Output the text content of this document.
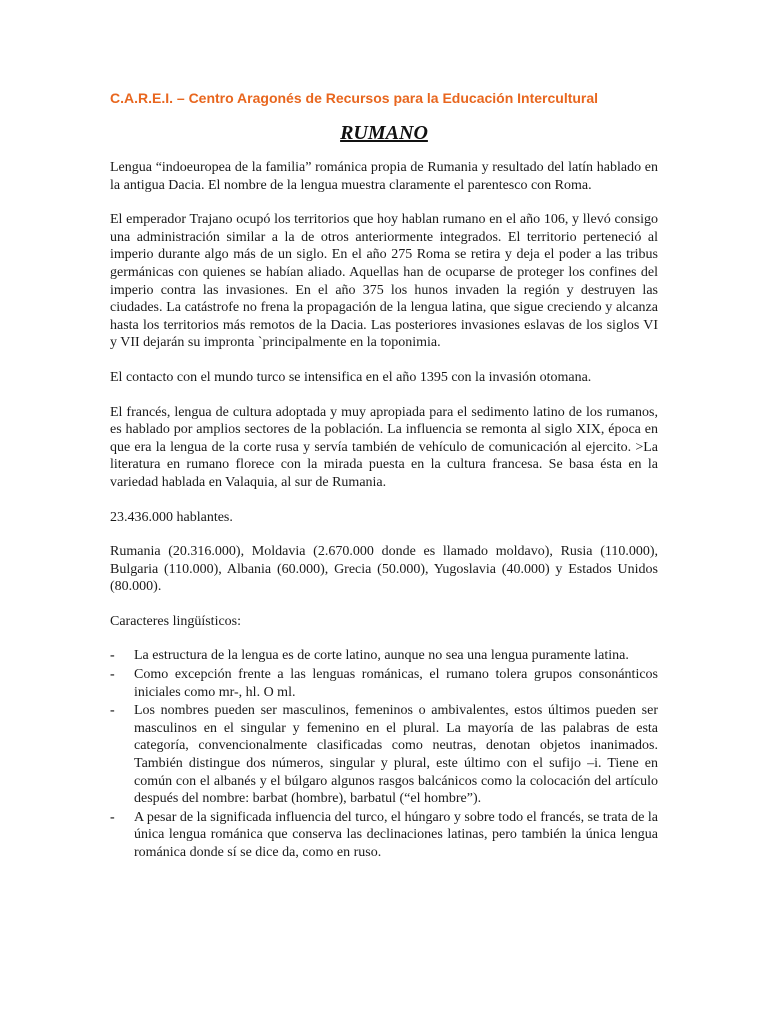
C.A.R.E.I. – Centro Aragonés de Recursos para la Educación Intercultural
RUMANO

Lengua “indoeuropea de la familia” románica propia de Rumania y resultado del latín hablado en la antigua Dacia. El nombre de la lengua muestra claramente el parentesco con Roma.

El emperador Trajano ocupó los territorios que hoy hablan rumano en el año 106, y llevó consigo una administración similar a la de otros anteriormente integrados. El territorio perteneció al imperio durante algo más de un siglo. En el año 275 Roma se retira y deja el poder a las tribus germánicas con quienes se habían aliado. Aquellas han de ocuparse de proteger los confines del imperio contra las invasiones. En el año 375 los hunos invaden la región y destruyen las ciudades. La catástrofe no frena la propagación de la lengua latina, que sigue creciendo y alcanza hasta los territorios más remotos de la Dacia. Las posteriores invasiones eslavas de los siglos VI y VII dejarán su impronta `principalmente en la toponimia.

El contacto con el mundo turco se intensifica en el año 1395 con la invasión otomana.

El francés, lengua de cultura adoptada y muy apropiada para el sedimento latino de los rumanos, es hablado por amplios sectores de la población. La influencia se remonta al siglo XIX, época en que era la lengua de la corte rusa y servía también de vehículo de comunicación al ejercito. >La literatura en rumano florece con la mirada puesta en la cultura francesa. Se basa ésta en la variedad hablada en Valaquia, al sur de Rumania.

23.436.000 hablantes.

Rumania (20.316.000), Moldavia (2.670.000 donde es llamado moldavo), Rusia (110.000), Bulgaria (110.000), Albania (60.000), Grecia (50.000), Yugoslavia (40.000) y Estados Unidos (80.000).

Caracteres lingüísticos:

- La estructura de la lengua es de corte latino, aunque no sea una lengua puramente latina.
- Como excepción frente a las lenguas románicas, el rumano tolera grupos consonánticos iniciales como mr-, hl. O ml.
- Los nombres pueden ser masculinos, femeninos o ambivalentes, estos últimos pueden ser masculinos en el singular y femenino en el plural. La mayoría de las palabras de esta categoría, convencionalmente clasificadas como neutras, denotan objetos inanimados. También distingue dos números, singular y plural, este último con el sufijo –i. Tiene en común con el albanés y el búlgaro algunos rasgos balcánicos como la colocación del artículo después del nombre: barbat (hombre), barbatul (“el hombre”).
- A pesar de la significada influencia del turco, el húngaro y sobre todo el francés, se trata de la única lengua románica que conserva las declinaciones latinas, pero también la única lengua románica donde sí se dice da, como en ruso.
